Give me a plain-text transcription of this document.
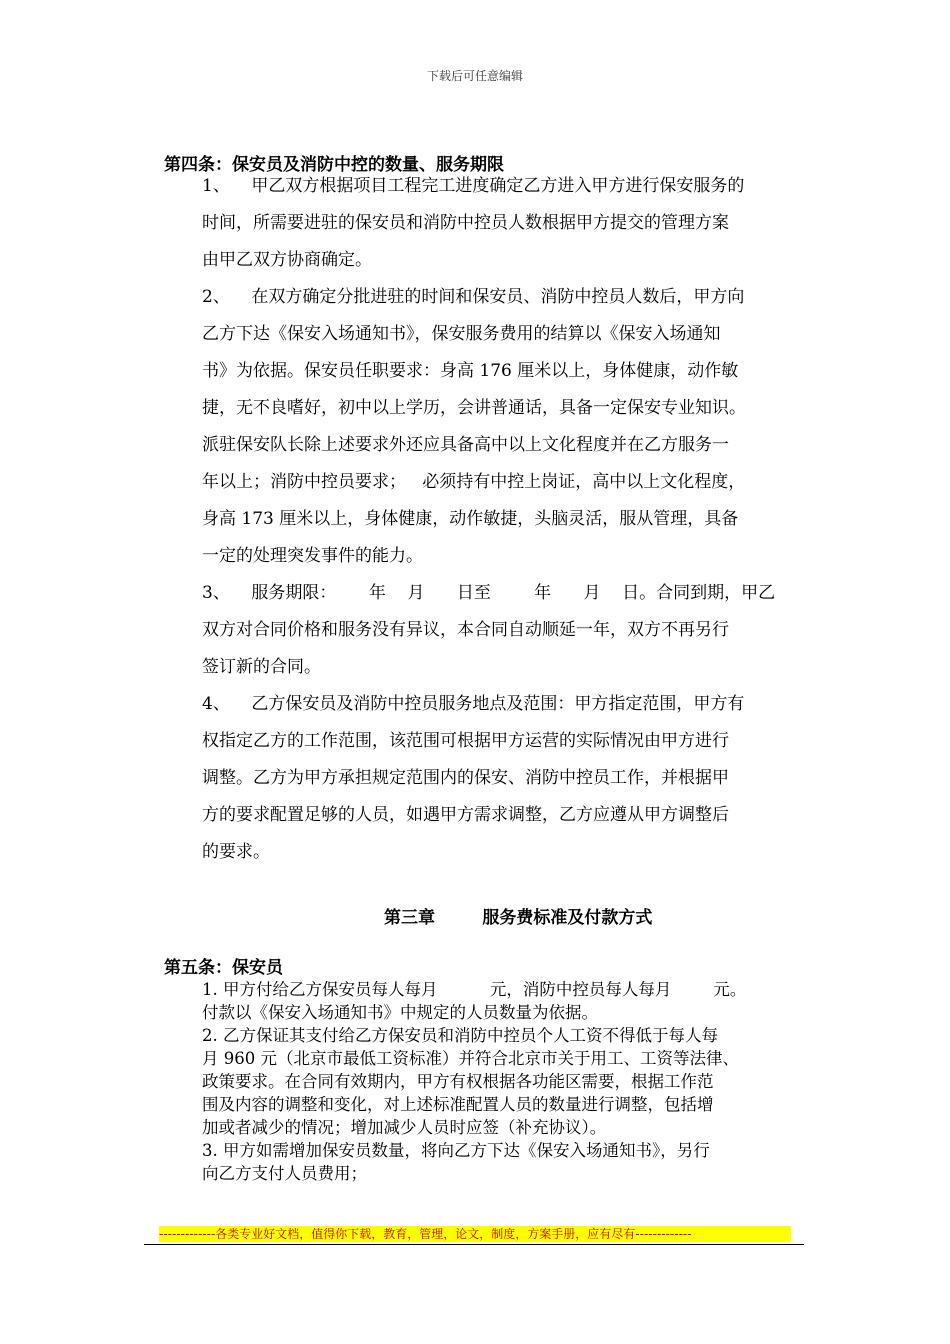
下载后可任意编辑
第四条：保安员及消防中控的数量、服务期限
1、    甲乙双方根据项目工程完工进度确定乙方进入甲方进行保安服务的
时间，所需要进驻的保安员和消防中控员人数根据甲方提交的管理方案
由甲乙双方协商确定。
2、    在双方确定分批进驻的时间和保安员、消防中控员人数后，甲方向
乙方下达《保安入场通知书》，保安服务费用的结算以《保安入场通知
书》为依据。保安员任职要求：身高 176 厘米以上，身体健康，动作敏
捷，无不良嗜好，初中以上学历，会讲普通话，具备一定保安专业知识。
派驻保安队长除上述要求外还应具备高中以上文化程度并在乙方服务一
年以上；消防中控员要求；   必须持有中控上岗证，高中以上文化程度，
身高 173 厘米以上，身体健康，动作敏捷，头脑灵活，服从管理，具备
一定的处理突发事件的能力。
3、    服务期限：      年    月      日至        年      月    日。合同到期，甲乙
双方对合同价格和服务没有异议，本合同自动顺延一年，双方不再另行
签订新的合同。
4、    乙方保安员及消防中控员服务地点及范围：甲方指定范围，甲方有
权指定乙方的工作范围，该范围可根据甲方运营的实际情况由甲方进行
调整。乙方为甲方承担规定范围内的保安、消防中控员工作，并根据甲
方的要求配置足够的人员，如遇甲方需求调整，乙方应遵从甲方调整后
的要求。
第三章        服务费标准及付款方式
第五条：保安员
1. 甲方付给乙方保安员每人每月          元，消防中控员每人每月        元。
付款以《保安入场通知书》中规定的人员数量为依据。
2. 乙方保证其支付给乙方保安员和消防中控员个人工资不得低于每人每
月 960 元（北京市最低工资标准）并符合北京市关于用工、工资等法律、
政策要求。在合同有效期内，甲方有权根据各功能区需要，根据工作范
围及内容的调整和变化，对上述标准配置人员的数量进行调整，包括增
加或者减少的情况；增加减少人员时应签（补充协议）。
3. 甲方如需增加保安员数量，将向乙方下达《保安入场通知书》，另行
向乙方支付人员费用；
-------------各类专业好文档，值得你下载，教育，管理，论文，制度，方案手册，应有尽有-------------
